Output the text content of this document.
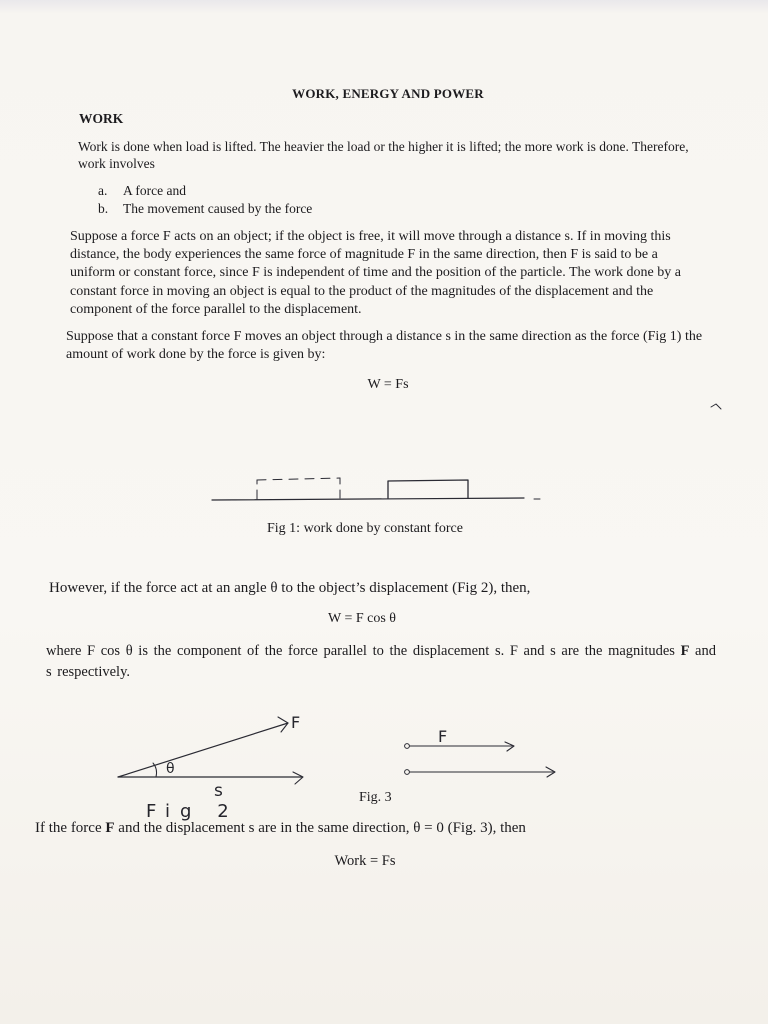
WORK, ENERGY AND POWER
WORK

Work is done when load is lifted. The heavier the load or the higher it is lifted; the more work is done. Therefore, work involves

a.	A force and
b.	The movement caused by the force

Suppose a force F acts on an object; if the object is free, it will move through a distance s. If in moving this distance, the body experiences the same force of magnitude F in the same direction, then F is said to be a uniform or constant force, since F is independent of time and the position of the particle. The work done by a constant force in moving an object is equal to the product of the magnitudes of the displacement and the component of the force parallel to the displacement.

Suppose that a constant force F moves an object through a distance s in the same direction as the force (Fig 1) the amount of work done by the force is given by:

W = Fs
F
θ
s
Fig 2
F
Fig 1: work done by constant force

However, if the force act at an angle θ to the object’s displacement (Fig 2), then,

W = F cos θ

where F cos θ is the component of the force parallel to the displacement s. F and s are the magnitudes F and s respectively.

Fig. 3

If the force F and the displacement s are in the same direction, θ = 0 (Fig. 3), then

Work = Fs
